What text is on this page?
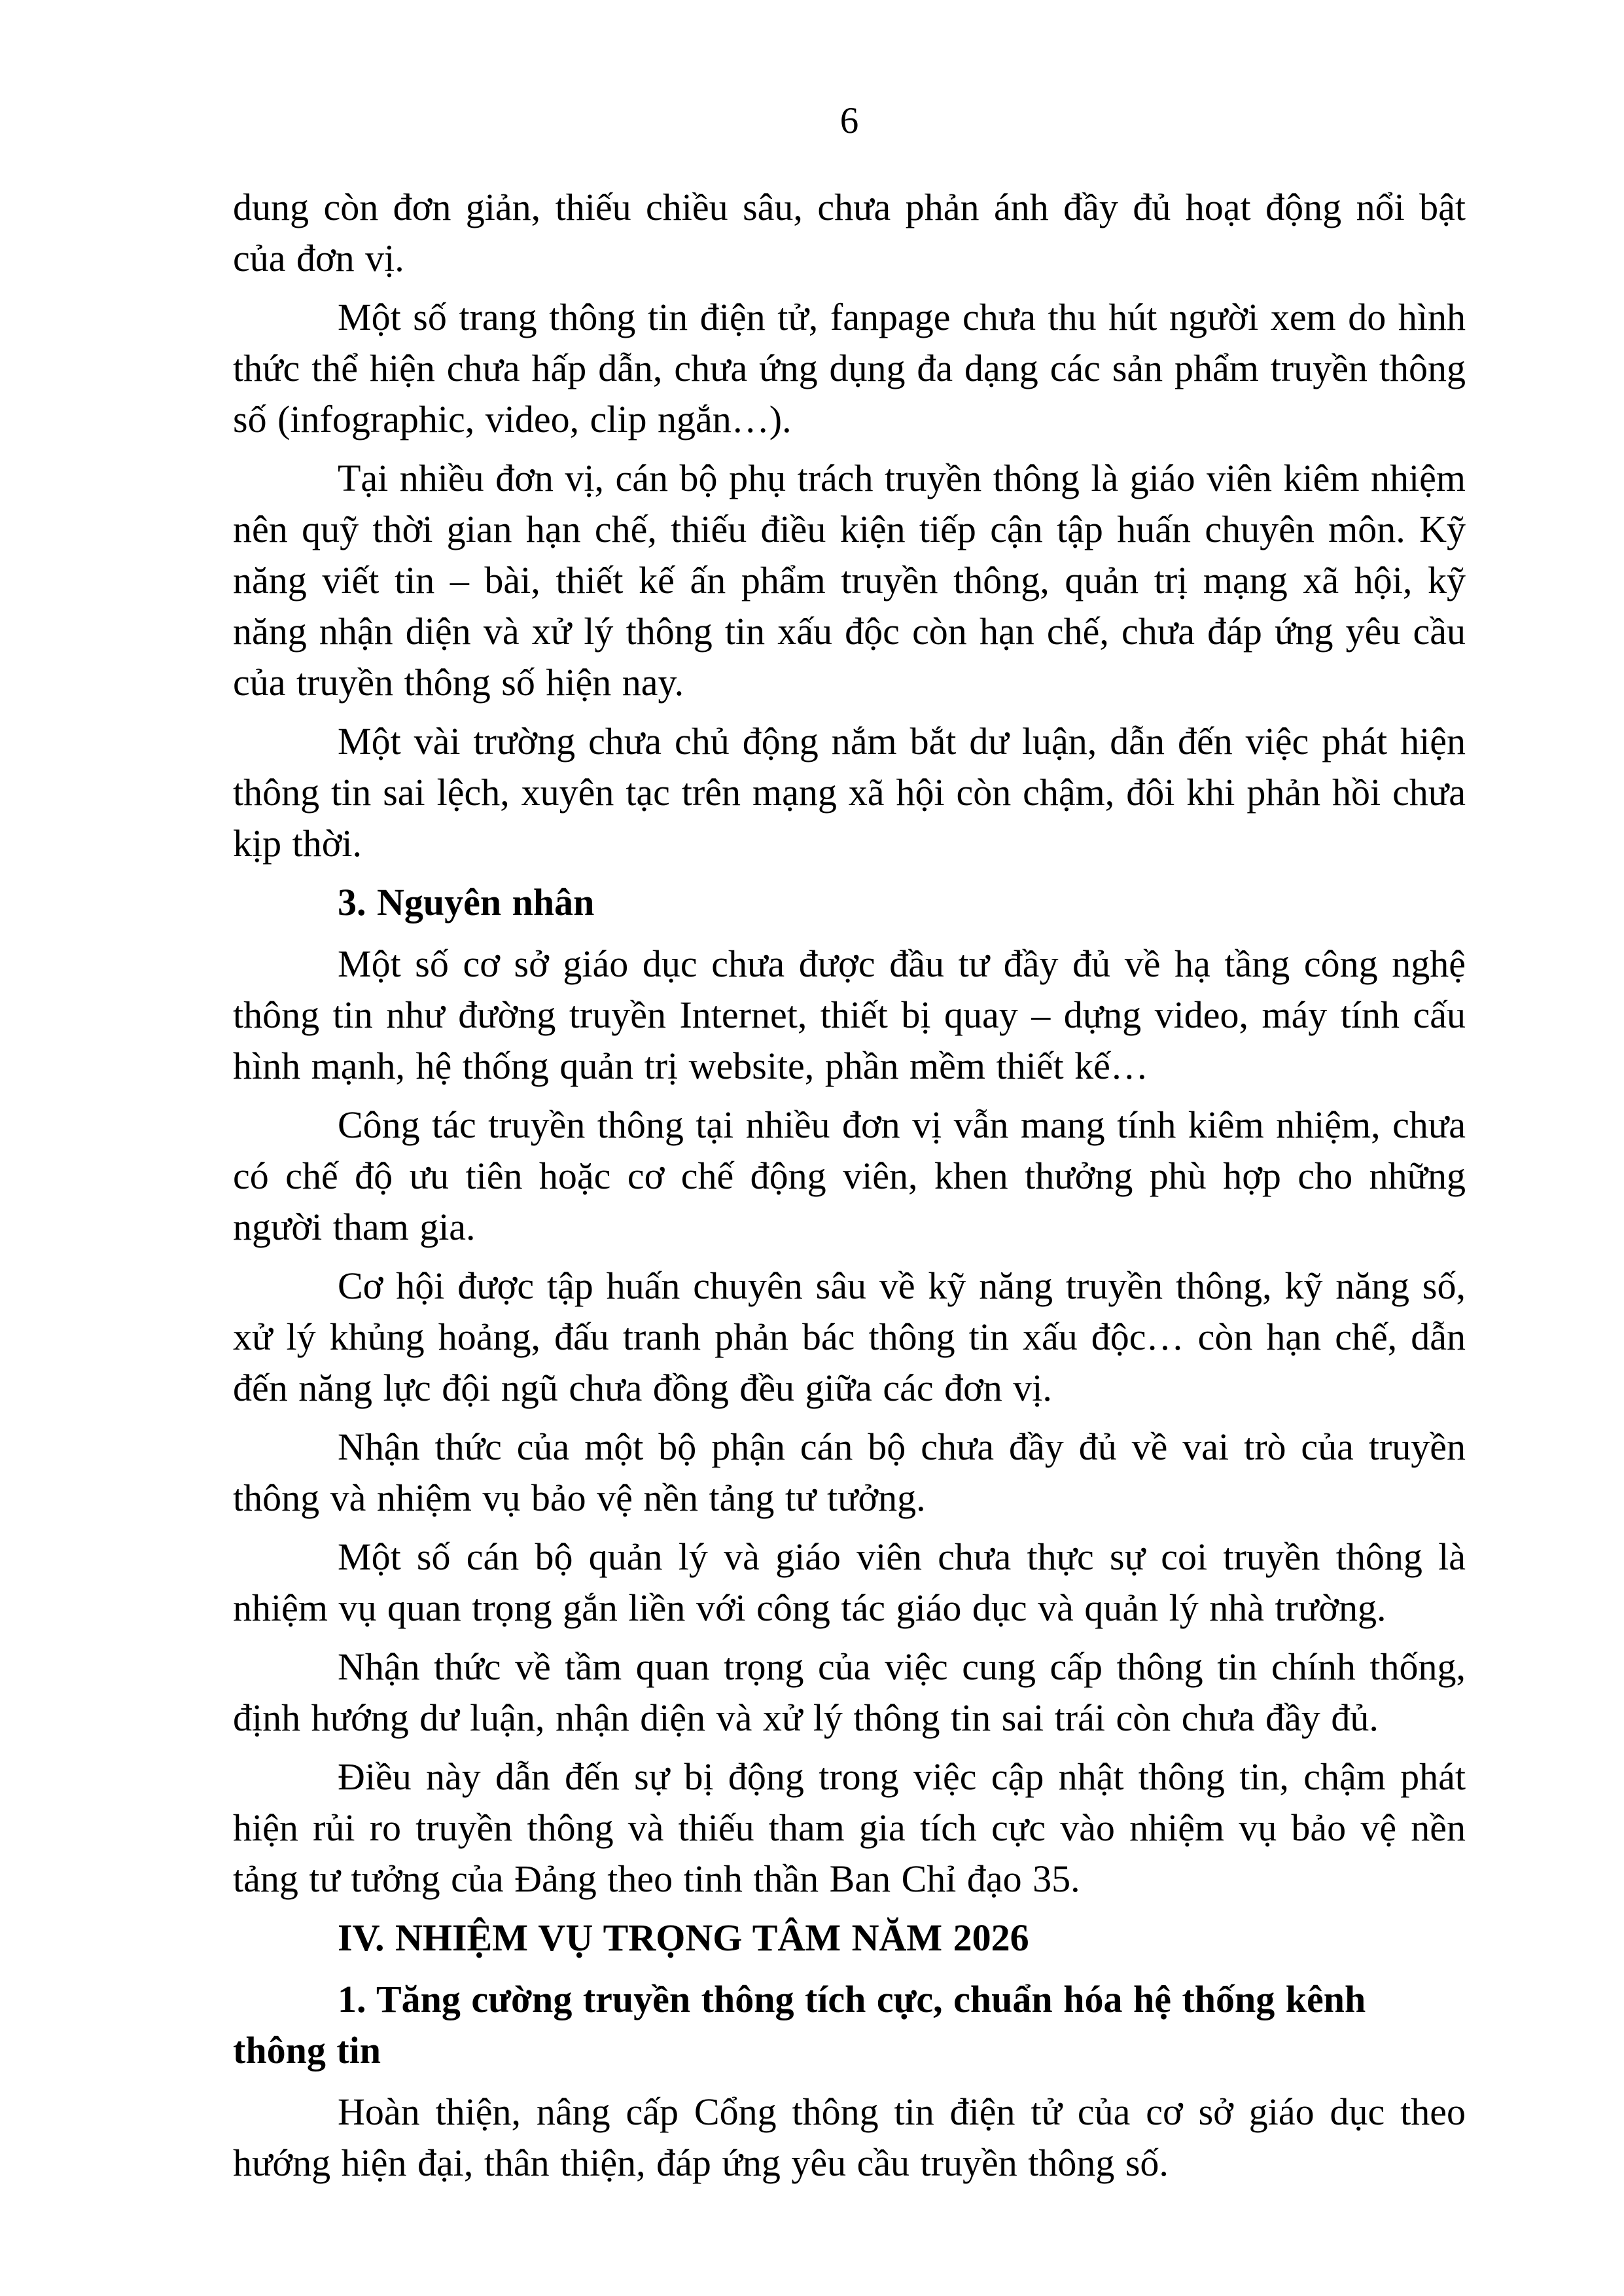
6

dung còn đơn giản, thiếu chiều sâu, chưa phản ánh đầy đủ hoạt động nổi bật của đơn vị.

Một số trang thông tin điện tử, fanpage chưa thu hút người xem do hình thức thể hiện chưa hấp dẫn, chưa ứng dụng đa dạng các sản phẩm truyền thông số (infographic, video, clip ngắn…).

Tại nhiều đơn vị, cán bộ phụ trách truyền thông là giáo viên kiêm nhiệm nên quỹ thời gian hạn chế, thiếu điều kiện tiếp cận tập huấn chuyên môn. Kỹ năng viết tin – bài, thiết kế ấn phẩm truyền thông, quản trị mạng xã hội, kỹ năng nhận diện và xử lý thông tin xấu độc còn hạn chế, chưa đáp ứng yêu cầu của truyền thông số hiện nay.

Một vài trường chưa chủ động nắm bắt dư luận, dẫn đến việc phát hiện thông tin sai lệch, xuyên tạc trên mạng xã hội còn chậm, đôi khi phản hồi chưa kịp thời.

3. Nguyên nhân

Một số cơ sở giáo dục chưa được đầu tư đầy đủ về hạ tầng công nghệ thông tin như đường truyền Internet, thiết bị quay – dựng video, máy tính cấu hình mạnh, hệ thống quản trị website, phần mềm thiết kế…

Công tác truyền thông tại nhiều đơn vị vẫn mang tính kiêm nhiệm, chưa có chế độ ưu tiên hoặc cơ chế động viên, khen thưởng phù hợp cho những người tham gia.

Cơ hội được tập huấn chuyên sâu về kỹ năng truyền thông, kỹ năng số, xử lý khủng hoảng, đấu tranh phản bác thông tin xấu độc… còn hạn chế, dẫn đến năng lực đội ngũ chưa đồng đều giữa các đơn vị.

Nhận thức của một bộ phận cán bộ chưa đầy đủ về vai trò của truyền thông và nhiệm vụ bảo vệ nền tảng tư tưởng.

Một số cán bộ quản lý và giáo viên chưa thực sự coi truyền thông là nhiệm vụ quan trọng gắn liền với công tác giáo dục và quản lý nhà trường.

Nhận thức về tầm quan trọng của việc cung cấp thông tin chính thống, định hướng dư luận, nhận diện và xử lý thông tin sai trái còn chưa đầy đủ.

Điều này dẫn đến sự bị động trong việc cập nhật thông tin, chậm phát hiện rủi ro truyền thông và thiếu tham gia tích cực vào nhiệm vụ bảo vệ nền tảng tư tưởng của Đảng theo tinh thần Ban Chỉ đạo 35.

IV. NHIỆM VỤ TRỌNG TÂM NĂM 2026

1. Tăng cường truyền thông tích cực, chuẩn hóa hệ thống kênh thông tin

Hoàn thiện, nâng cấp Cổng thông tin điện tử của cơ sở giáo dục theo hướng hiện đại, thân thiện, đáp ứng yêu cầu truyền thông số.
